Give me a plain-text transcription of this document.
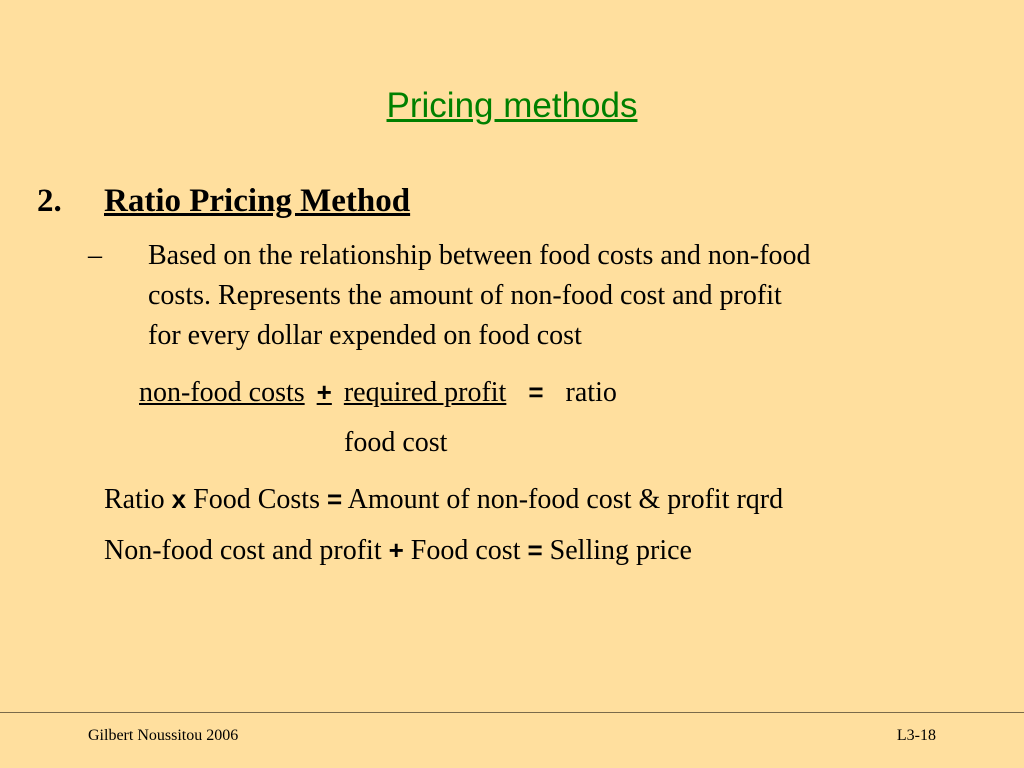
Pricing methods
2. Ratio Pricing Method
– Based on the relationship between food costs and non-food
costs. Represents the amount of non-food cost and profit
for every dollar expended on food cost
non-food costs + required profit = ratio
food cost
Ratio x Food Costs = Amount of non-food cost & profit rqrd
Non-food cost and profit + Food cost = Selling price
Gilbert Noussitou 2006	L3-18
